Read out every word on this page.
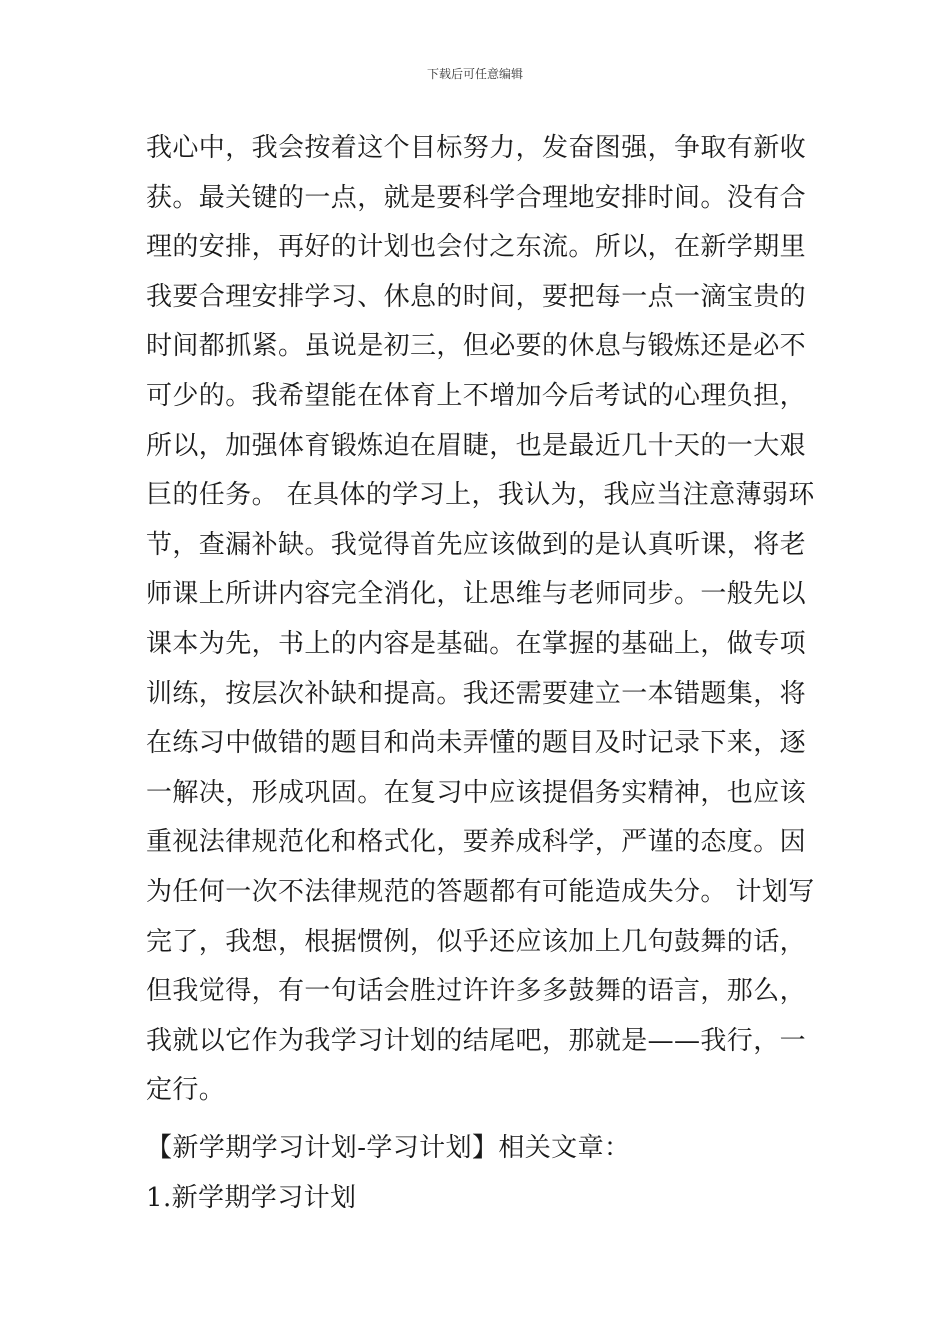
下载后可任意编辑
我心中，我会按着这个目标努力，发奋图强，争取有新收
获。最关键的一点，就是要科学合理地安排时间。没有合
理的安排，再好的计划也会付之东流。所以，在新学期里
我要合理安排学习、休息的时间，要把每一点一滴宝贵的
时间都抓紧。虽说是初三，但必要的休息与锻炼还是必不
可少的。我希望能在体育上不增加今后考试的心理负担，
所以，加强体育锻炼迫在眉睫，也是最近几十天的一大艰
巨的任务。 在具体的学习上，我认为，我应当注意薄弱环
节，查漏补缺。我觉得首先应该做到的是认真听课，将老
师课上所讲内容完全消化，让思维与老师同步。一般先以
课本为先，书上的内容是基础。在掌握的基础上，做专项
训练，按层次补缺和提高。我还需要建立一本错题集，将
在练习中做错的题目和尚未弄懂的题目及时记录下来，逐
一解决，形成巩固。在复习中应该提倡务实精神，也应该
重视法律规范化和格式化，要养成科学，严谨的态度。因
为任何一次不法律规范的答题都有可能造成失分。 计划写
完了，我想，根据惯例，似乎还应该加上几句鼓舞的话，
但我觉得，有一句话会胜过许许多多鼓舞的语言，那么，
我就以它作为我学习计划的结尾吧，那就是——我行，一
定行。
【新学期学习计划-学习计划】相关文章：
1.新学期学习计划
